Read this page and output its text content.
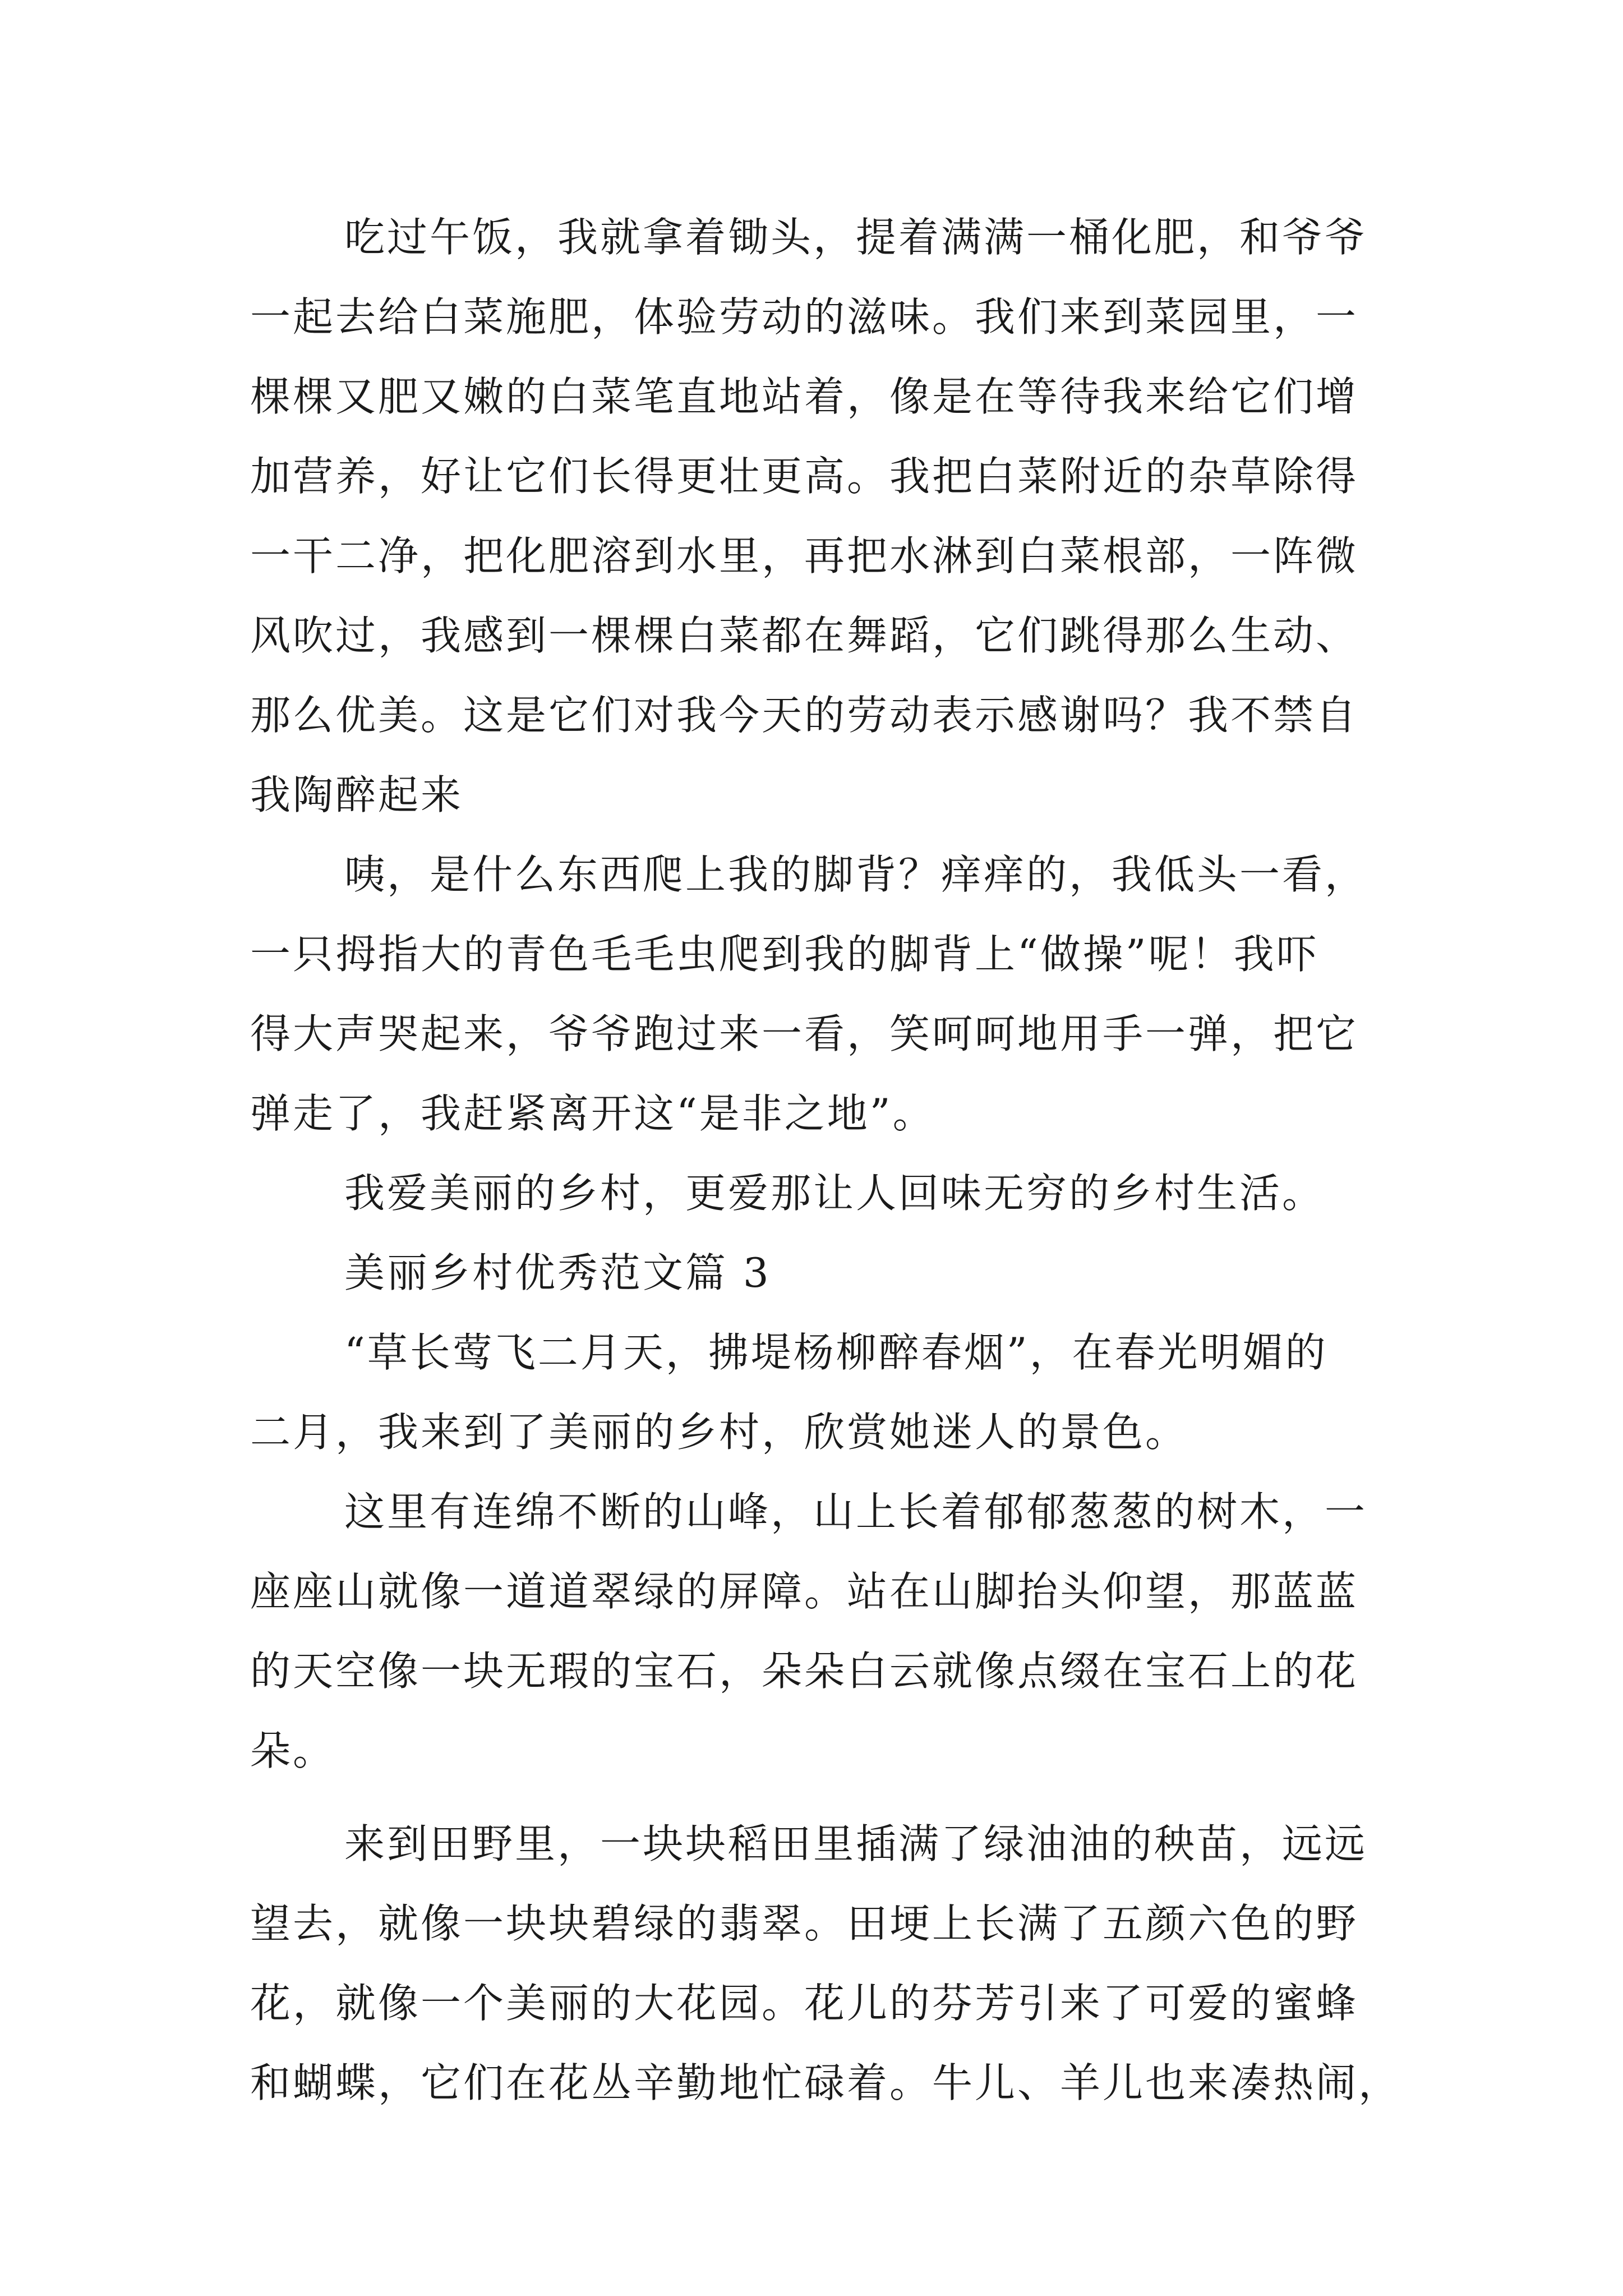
吃过午饭，我就拿着锄头，提着满满一桶化肥，和爷爷
一起去给白菜施肥，体验劳动的滋味。我们来到菜园里，一
棵棵又肥又嫩的白菜笔直地站着，像是在等待我来给它们增
加营养，好让它们长得更壮更高。我把白菜附近的杂草除得
一干二净，把化肥溶到水里，再把水淋到白菜根部，一阵微
风吹过，我感到一棵棵白菜都在舞蹈，它们跳得那么生动、
那么优美。这是它们对我今天的劳动表示感谢吗？我不禁自
我陶醉起来
咦，是什么东西爬上我的脚背？痒痒的，我低头一看，
一只拇指大的青色毛毛虫爬到我的脚背上“做操”呢！我吓
得大声哭起来，爷爷跑过来一看，笑呵呵地用手一弹，把它
弹走了，我赶紧离开这“是非之地”。
我爱美丽的乡村，更爱那让人回味无穷的乡村生活。
美丽乡村优秀范文篇 3
“草长莺飞二月天，拂堤杨柳醉春烟”，在春光明媚的
二月，我来到了美丽的乡村，欣赏她迷人的景色。
这里有连绵不断的山峰，山上长着郁郁葱葱的树木，一
座座山就像一道道翠绿的屏障。站在山脚抬头仰望，那蓝蓝
的天空像一块无瑕的宝石，朵朵白云就像点缀在宝石上的花
朵。
来到田野里，一块块稻田里插满了绿油油的秧苗，远远
望去，就像一块块碧绿的翡翠。田埂上长满了五颜六色的野
花，就像一个美丽的大花园。花儿的芬芳引来了可爱的蜜蜂
和蝴蝶，它们在花丛辛勤地忙碌着。牛儿、羊儿也来凑热闹，
